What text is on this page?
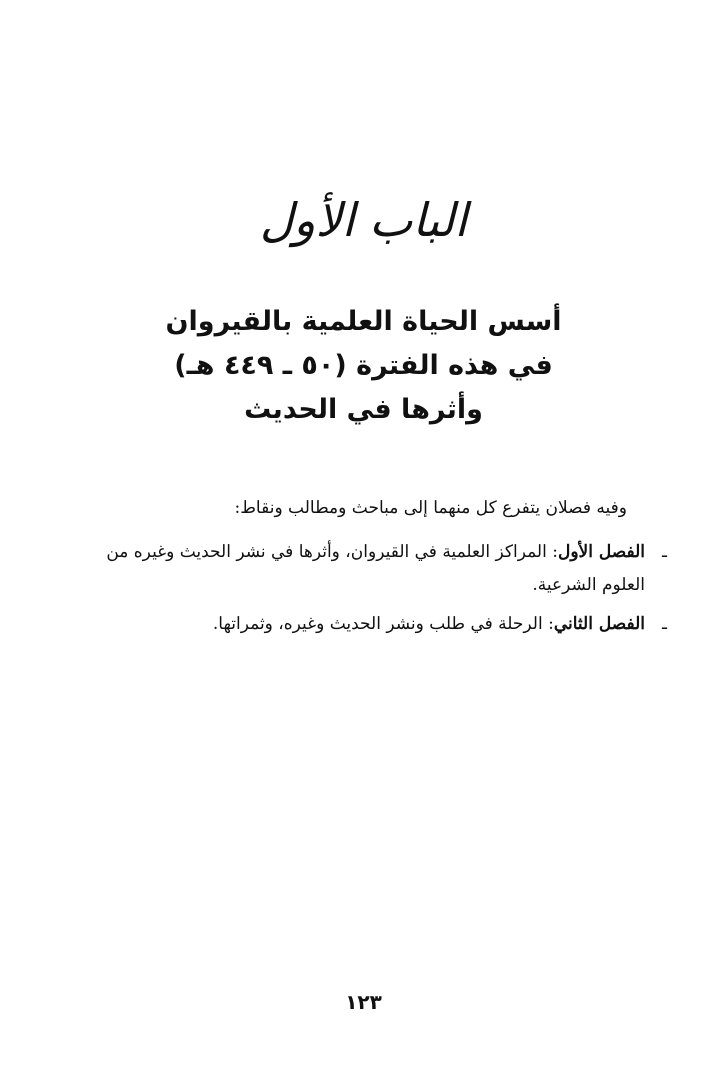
الباب الأول
أسس الحياة العلمية بالقيروان
في هذه الفترة (٥٠ ـ ٤٤٩ هـ)
وأثرها في الحديث
وفيه فصلان يتفرع كل منهما إلى مباحث ومطالب ونقاط:
ـ
الفصل الأول: المراكز العلمية في القيروان، وأثرها في نشر الحديث وغيره من العلوم الشرعية.
ـ
الفصل الثاني: الرحلة في طلب ونشر الحديث وغيره، وثمراتها.
١٢٣
